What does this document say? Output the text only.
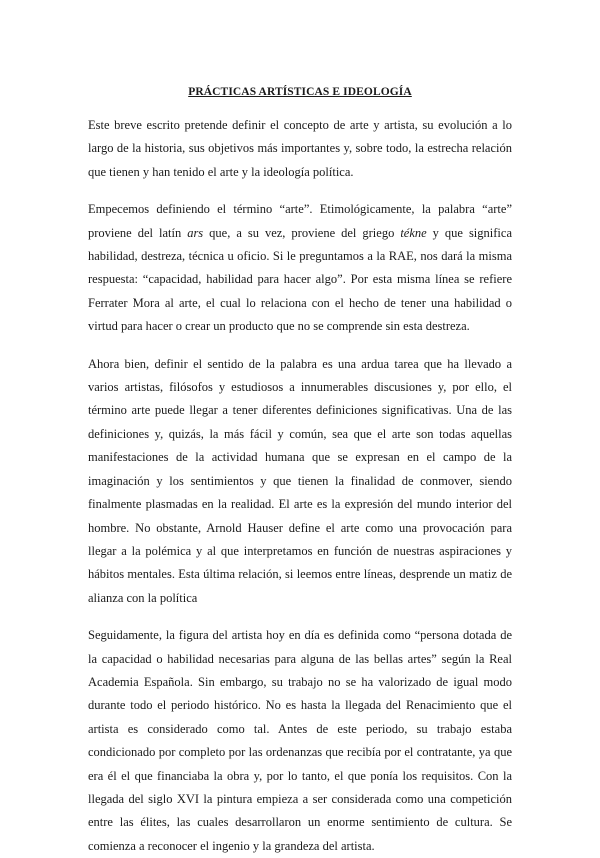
PRÁCTICAS ARTÍSTICAS E IDEOLOGÍA

Este breve escrito pretende definir el concepto de arte y artista, su evolución a lo largo de la historia, sus objetivos más importantes y, sobre todo, la estrecha relación que tienen y han tenido el arte y la ideología política.

Empecemos definiendo el término “arte”. Etimológicamente, la palabra “arte” proviene del latín ars que, a su vez, proviene del griego téknе y que significa habilidad, destreza, técnica u oficio. Si le preguntamos a la RAE, nos dará la misma respuesta: “capacidad, habilidad para hacer algo”. Por esta misma línea se refiere Ferrater Mora al arte, el cual lo relaciona con el hecho de tener una habilidad o virtud para hacer o crear un producto que no se comprende sin esta destreza.

Ahora bien, definir el sentido de la palabra es una ardua tarea que ha llevado a varios artistas, filósofos y estudiosos a innumerables discusiones y, por ello, el término arte puede llegar a tener diferentes definiciones significativas. Una de las definiciones y, quizás, la más fácil y común, sea que el arte son todas aquellas manifestaciones de la actividad humana que se expresan en el campo de la imaginación y los sentimientos y que tienen la finalidad de conmover, siendo finalmente plasmadas en la realidad. El arte es la expresión del mundo interior del hombre. No obstante, Arnold Hauser define el arte como una provocación para llegar a la polémica y al que interpretamos en función de nuestras aspiraciones y hábitos mentales. Esta última relación, si leemos entre líneas, desprende un matiz de alianza con la política

Seguidamente, la figura del artista hoy en día es definida como “persona dotada de la capacidad o habilidad necesarias para alguna de las bellas artes” según la Real Academia Española. Sin embargo, su trabajo no se ha valorizado de igual modo durante todo el periodo histórico. No es hasta la llegada del Renacimiento que el artista es considerado como tal. Antes de este periodo, su trabajo estaba condicionado por completo por las ordenanzas que recibía por el contratante, ya que era él el que financiaba la obra y, por lo tanto, el que ponía los requisitos. Con la llegada del siglo XVI la pintura empieza a ser considerada como una competición entre las élites, las cuales desarrollaron un enorme sentimiento de cultura. Se comienza a reconocer el ingenio y la grandeza del artista.
